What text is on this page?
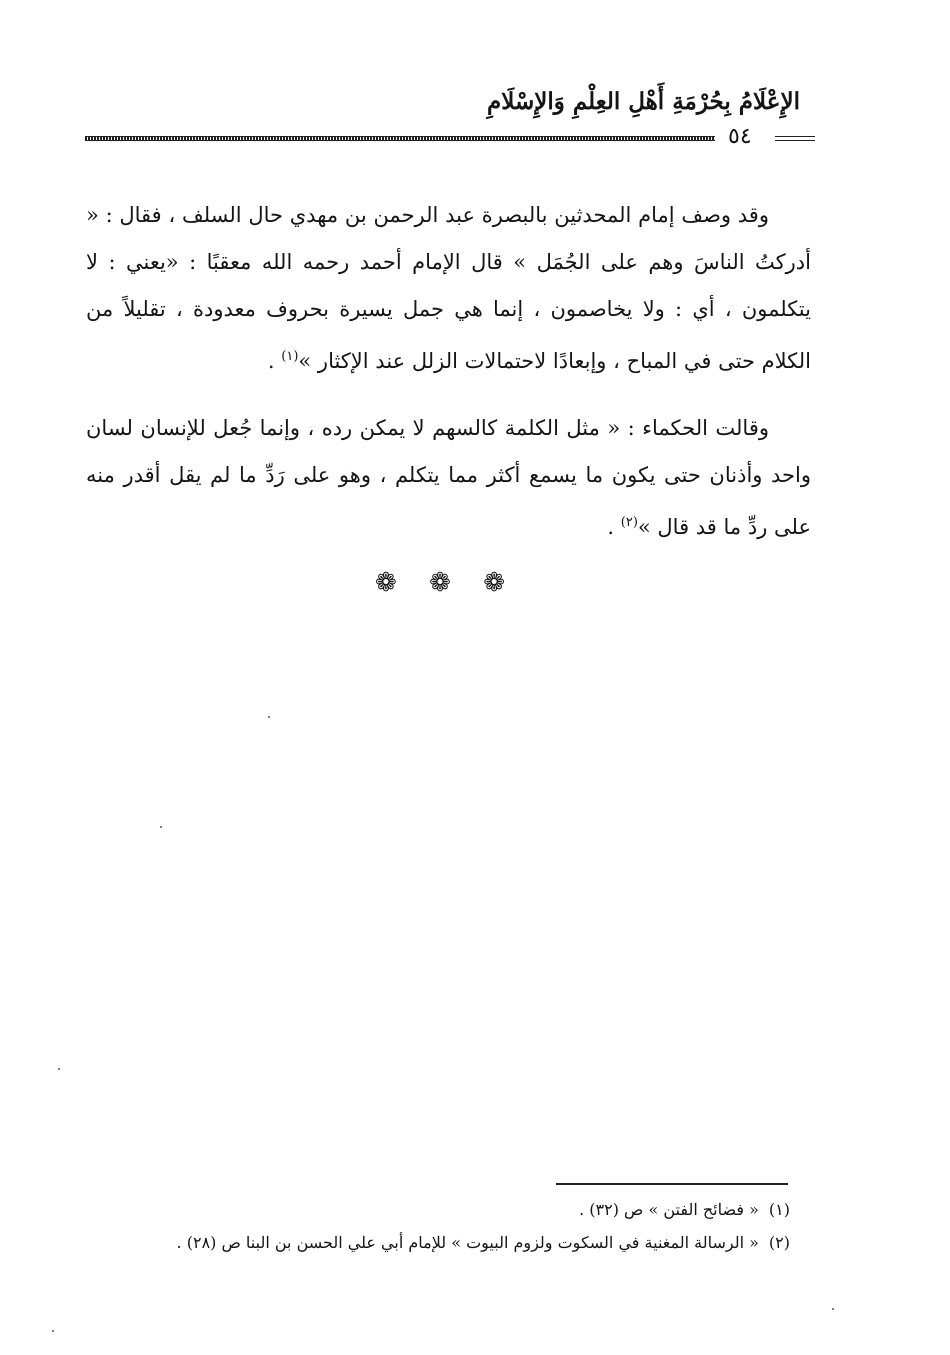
الإِعْلَامُ بِحُرْمَةِ أَهْلِ العِلْمِ وَالإِسْلَامِ
٥٤

وقد وصف إمام المحدثين بالبصرة عبد الرحمن بن مهدي حال السلف ، فقال : « أدركتُ الناسَ وهم على الجُمَل » قال الإمام أحمد رحمه الله معقبًا : «يعني : لا يتكلمون ، أي : ولا يخاصمون ، إنما هي جمل يسيرة بحروف معدودة ، تقليلاً من الكلام حتى في المباح ، وإبعادًا لاحتمالات الزلل عند الإكثار »$^{(١)}$ .

وقالت الحكماء : « مثل الكلمة كالسهم لا يمكن رده ، وإنما جُعل للإنسان لسان واحد وأذنان حتى يكون ما يسمع أكثر مما يتكلم ، وهو على رَدِّ ما لم يقل أقدر منه على ردِّ ما قد قال »$^{(٢)}$ .

❁ ❁ ❁
(١)« فضائح الفتن » ص (٣٢) .
(٢)« الرسالة المغنية في السكوت ولزوم البيوت » للإمام أبي علي الحسن بن البنا ص (٢٨) .
